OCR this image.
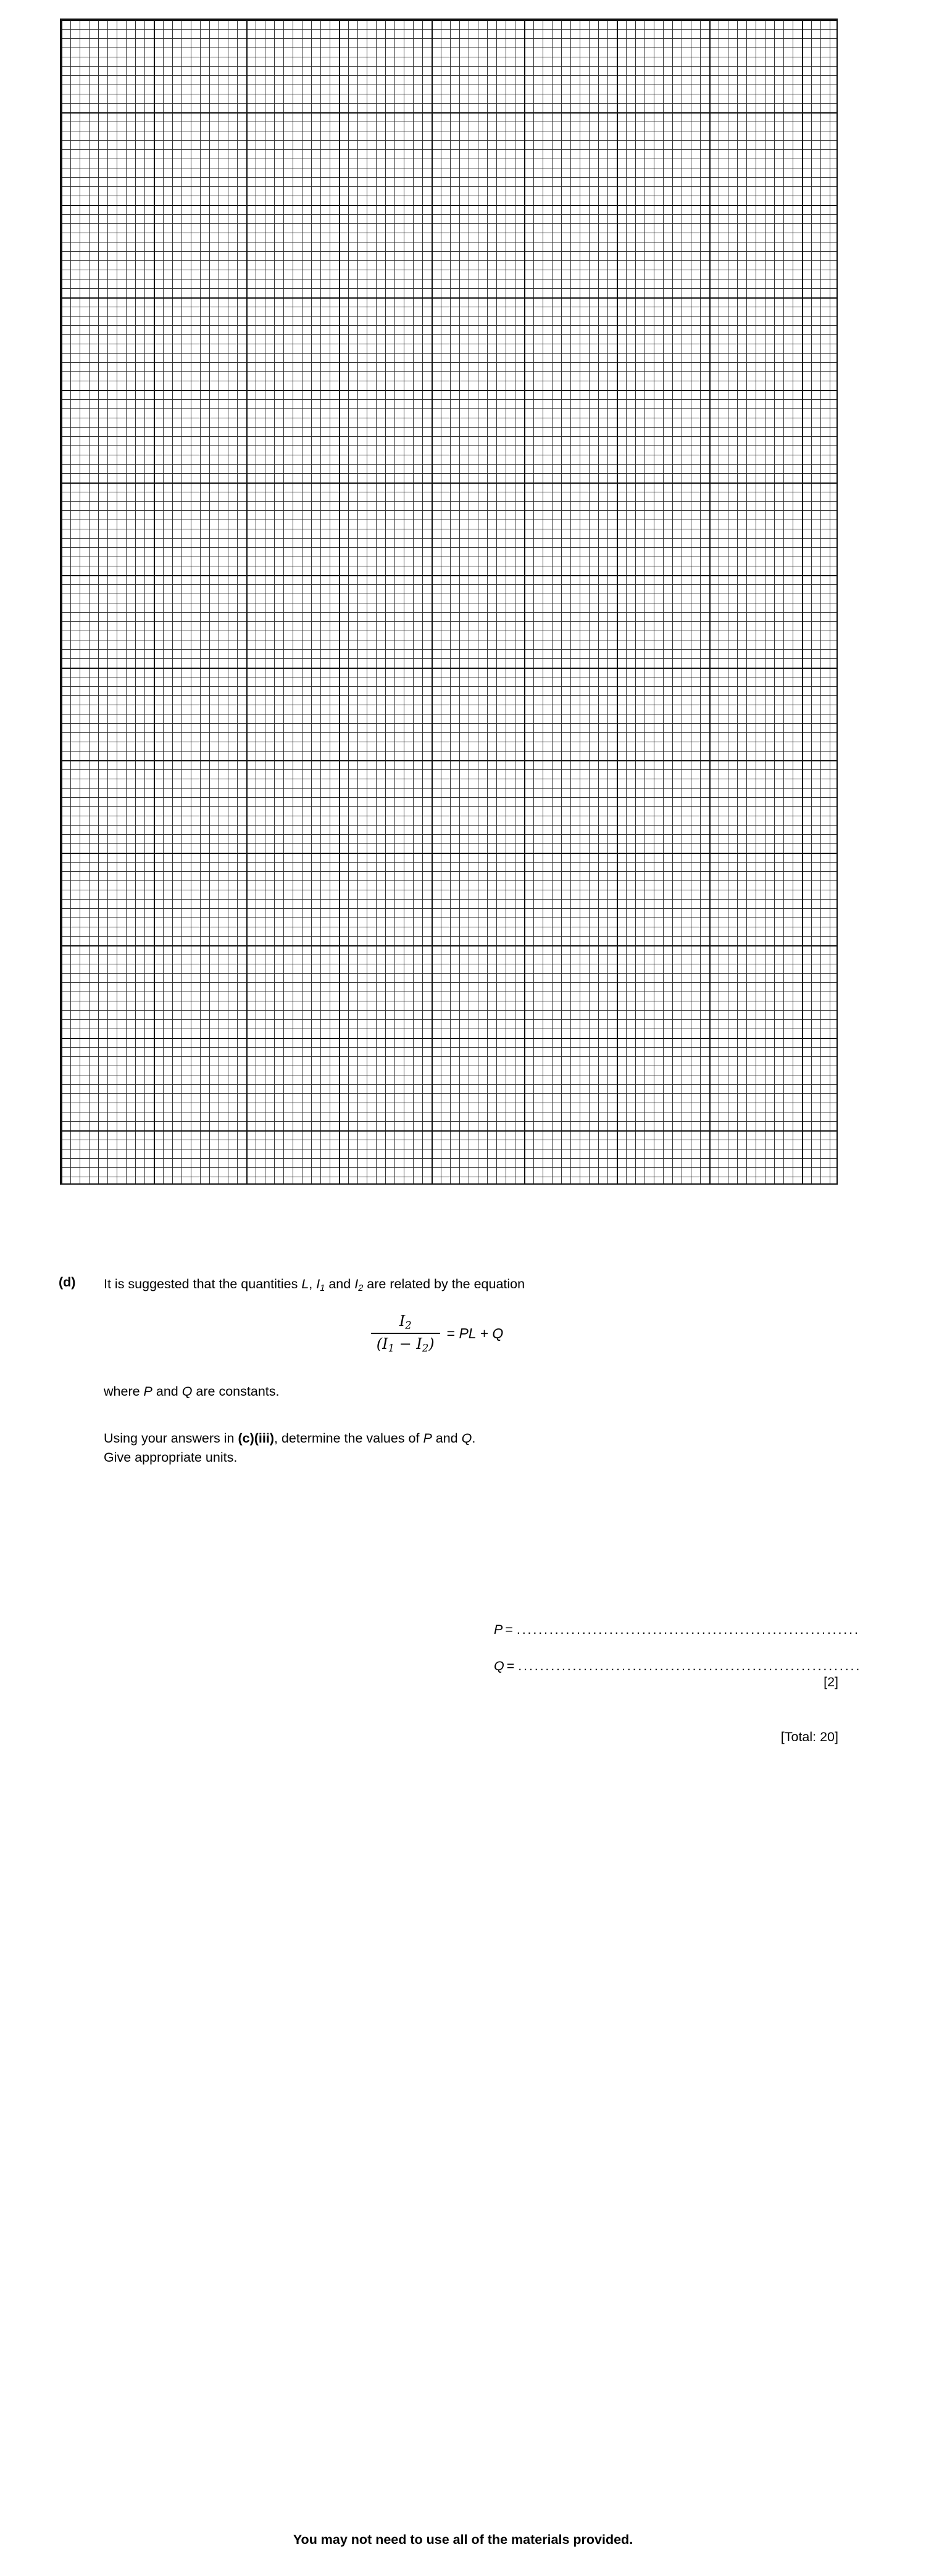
(d) It is suggested that the quantities L, $I_1$ and $I_2$ are related by the equation
$\frac{I_2}{(I_1 - I_2)}$ = PL + Q
where P and Q are constants.
Using your answers in (c)(iii), determine the values of P and Q.
Give appropriate units.
P = ...............................................................
Q = ...............................................................
[2]
[Total: 20]
You may not need to use all of the materials provided.
